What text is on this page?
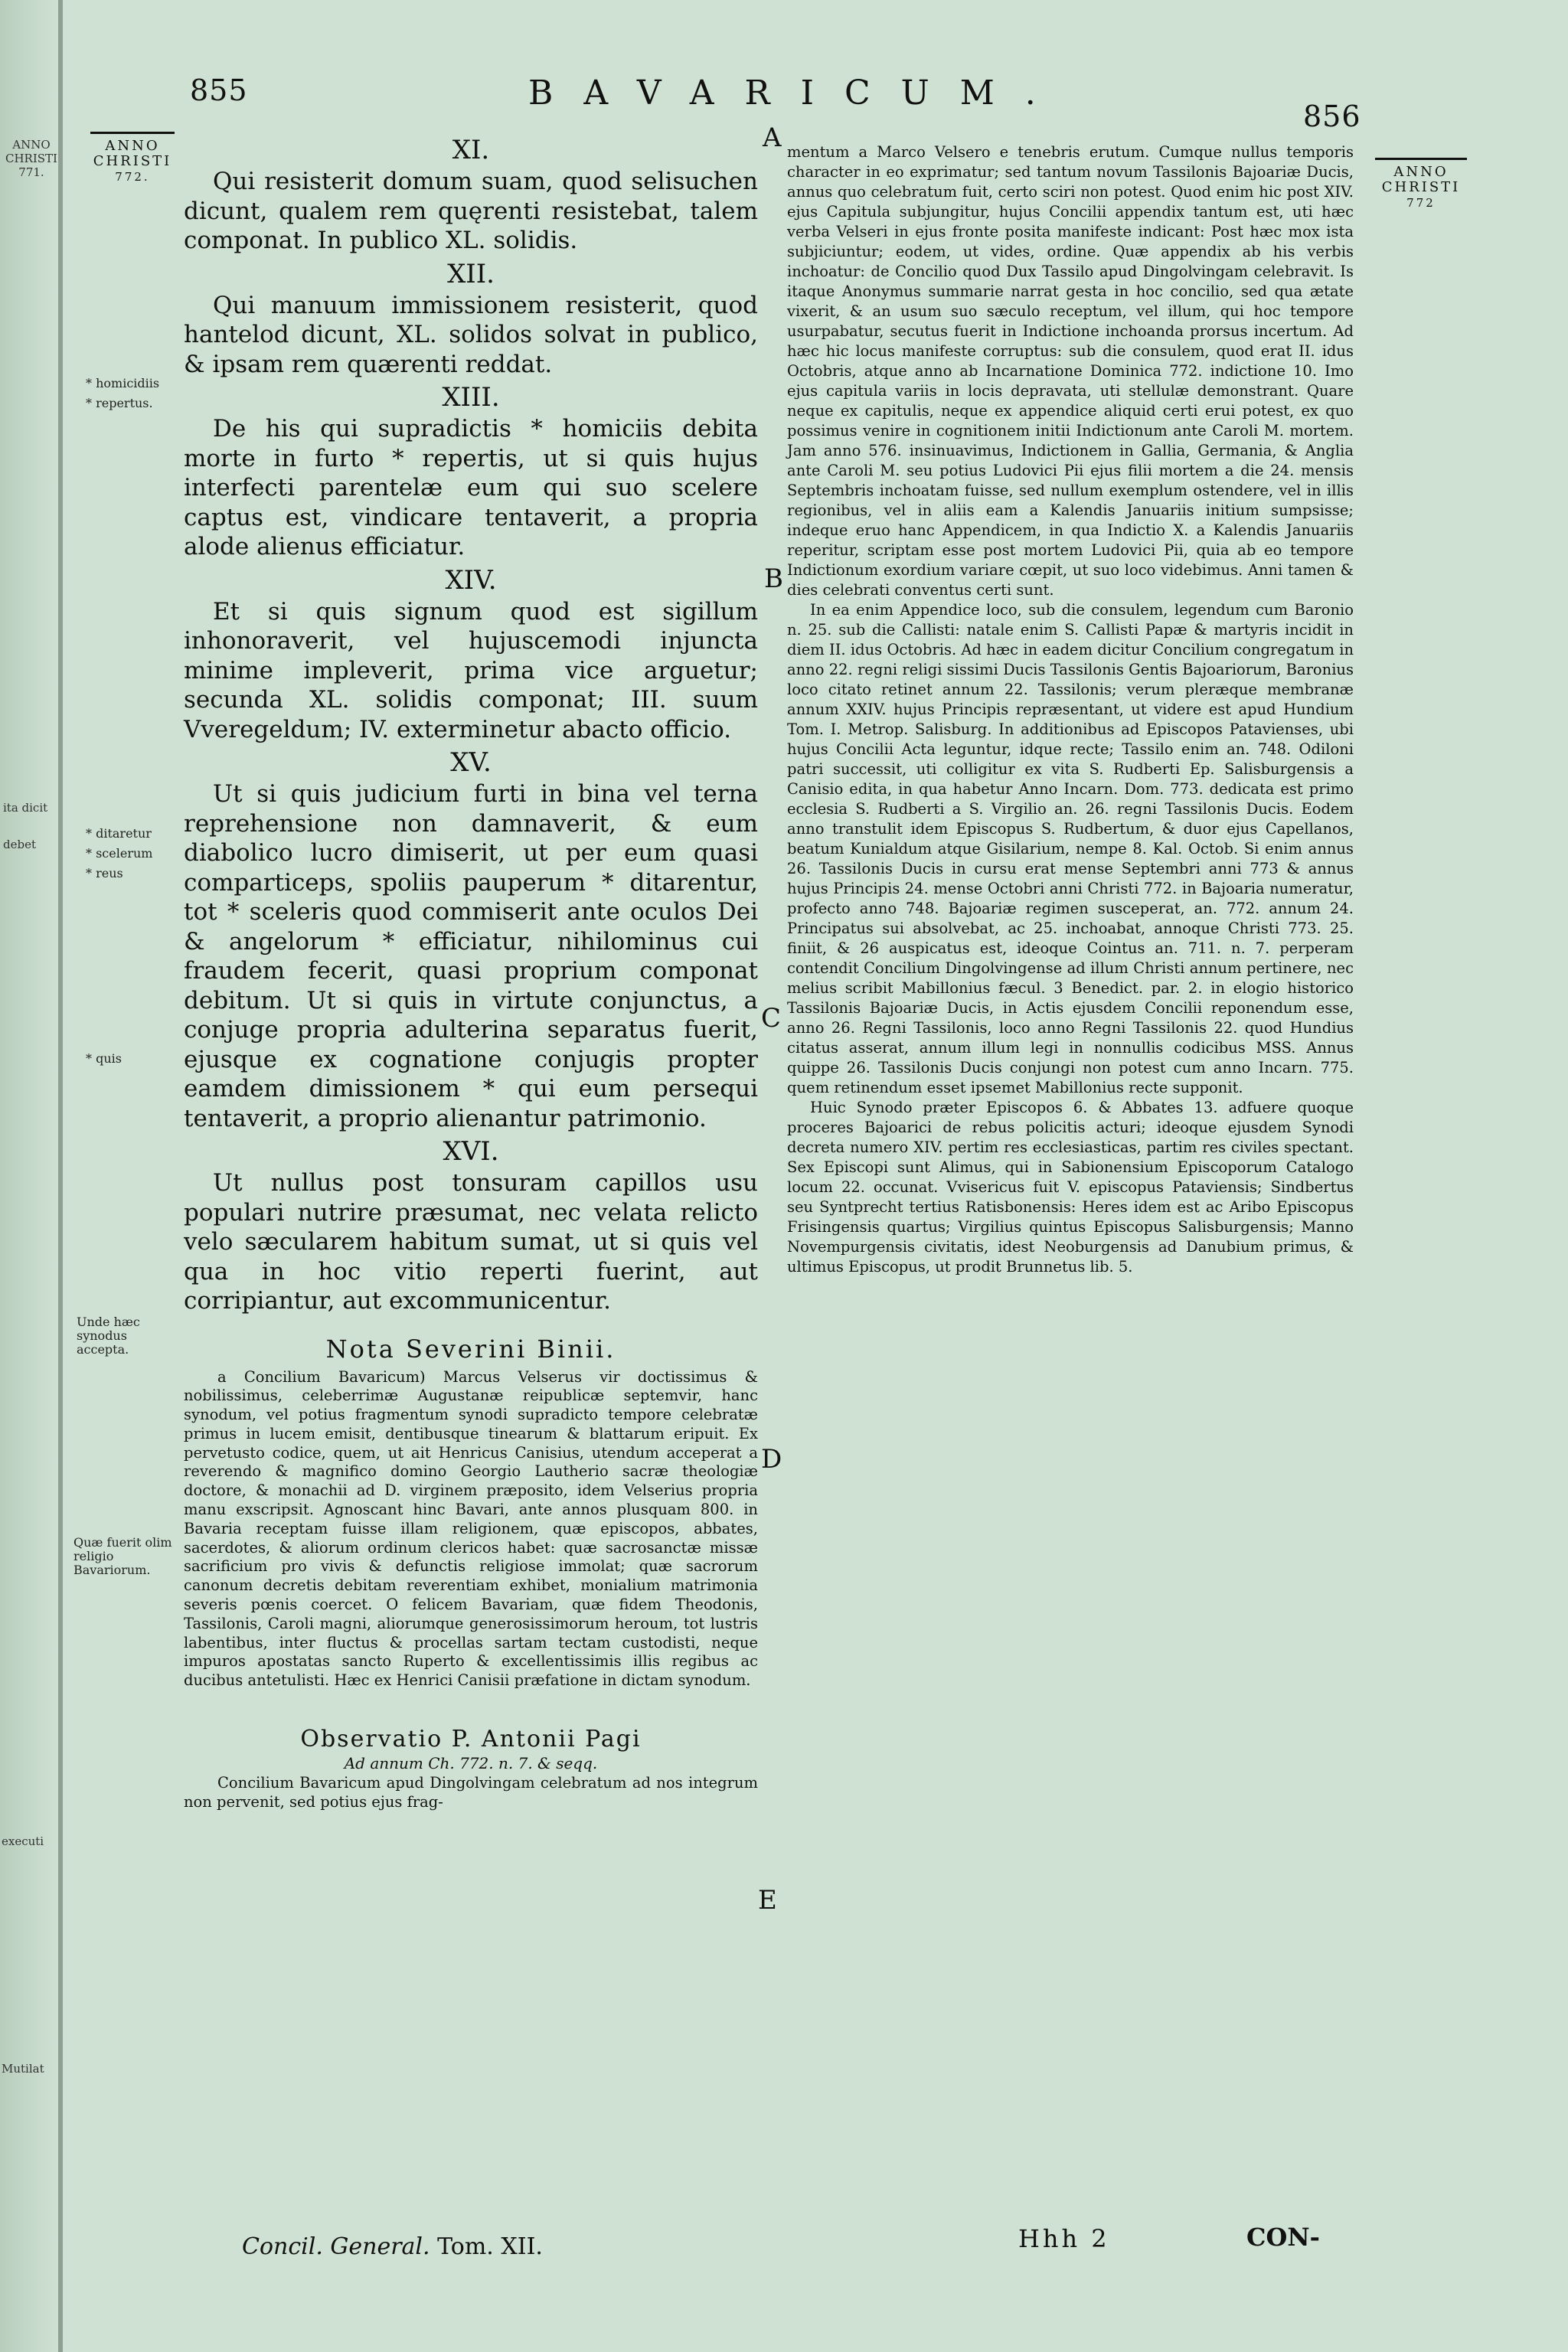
ANNO CHRISTI 771.
ita dicit
debet
executi
Mutilat
855	BAVARICUM.
856
ANNO
CHRISTI
772.	ANNO
CHRISTI
772
XI.

Qui resisterit domum suam, quod selisuchen dicunt, qualem rem quęrenti resistebat, talem componat. In publico XL. solidis.

XII.

Qui manuum immissionem resisterit, quod hantelod dicunt, XL. solidos solvat in publico, & ipsam rem quærenti reddat.

XIII.

De his qui supradictis * homiciis debita morte in furto * repertis, ut si quis hujus interfecti parentelæ eum qui suo scelere captus est, vindicare tentaverit, a propria alode alienus efficiatur.

XIV.

Et si quis signum quod est sigillum inhonoraverit, vel hujuscemodi injuncta minime impleverit, prima vice arguetur; secunda XL. solidis componat; III. suum Vveregeldum; IV. exterminetur abacto officio.

XV.

Ut si quis judicium furti in bina vel terna reprehensione non damnaverit, & eum diabolico lucro dimiserit, ut per eum quasi comparticeps, spoliis pauperum * ditarentur, tot * sceleris quod commiserit ante oculos Dei & angelorum * efficiatur, nihilominus cui fraudem fecerit, quasi proprium componat debitum. Ut si quis in virtute conjunctus, a conjuge propria adulterina separatus fuerit, ejusque ex cognatione conjugis propter eamdem dimissionem * qui eum persequi tentaverit, a proprio alienantur patrimonio.

XVI.

Ut nullus post tonsuram capillos usu populari nutrire præsumat, nec velata relicto velo sæcularem habitum sumat, ut si quis vel qua in hoc vitio reperti fuerint, aut corripiantur, aut excommunicentur.

Nota Severini Binii.

a Concilium Bavaricum) Marcus Velserus vir doctissimus & nobilissimus, celeberrimæ Augustanæ reipublicæ septemvir, hanc synodum, vel potius fragmentum synodi supradicto tempore celebratæ primus in lucem emisit, dentibusque tinearum & blattarum eripuit. Ex pervetusto codice, quem, ut ait Henricus Canisius, utendum acceperat a reverendo & magnifico domino Georgio Lautherio sacræ theologiæ doctore, & monachii ad D. virginem præposito, idem Velserius propria manu exscripsit. Agnoscant hinc Bavari, ante annos plusquam 800. in Bavaria receptam fuisse illam religionem, quæ episcopos, abbates, sacerdotes, & aliorum ordinum clericos habet: quæ sacrosanctæ missæ sacrificium pro vivis & defunctis religiose immolat; quæ sacrorum canonum decretis debitam reverentiam exhibet, monialium matrimonia severis pœnis coercet. O felicem Bavariam, quæ fidem Theodonis, Tassilonis, Caroli magni, aliorumque generosissimorum heroum, tot lustris labentibus, inter fluctus & procellas sartam tectam custodisti, neque impuros apostatas sancto Ruperto & excellentissimis illis regibus ac ducibus antetulisti. Hæc ex Henrici Canisii præfatione in dictam synodum.

Observatio P. Antonii Pagi
Ad annum Ch. 772. n. 7. & seqq.

Concilium Bavaricum apud Dingolvingam celebratum ad nos integrum non pervenit, sed potius ejus frag-

* homicidiis
* repertus.
* ditaretur
* scelerum
* reus
* quis
Unde hæc synodus accepta.
Quæ fuerit olim religio Bavariorum.

mentum a Marco Velsero e tenebris erutum. Cumque nullus temporis character in eo exprimatur; sed tantum novum Tassilonis Bajoariæ Ducis, annus quo celebratum fuit, certo sciri non potest. Quod enim hic post XIV. ejus Capitula subjungitur, hujus Concilii appendix tantum est, uti hæc verba Velseri in ejus fronte posita manifeste indicant: Post hæc mox ista subjiciuntur; eodem, ut vides, ordine. Quæ appendix ab his verbis inchoatur: de Concilio quod Dux Tassilo apud Dingolvingam celebravit. Is itaque Anonymus summarie narrat gesta in hoc concilio, sed qua ætate vixerit, & an usum suo sæculo receptum, vel illum, qui hoc tempore usurpabatur, secutus fuerit in Indictione inchoanda prorsus incertum. Ad hæc hic locus manifeste corruptus: sub die consulem, quod erat II. idus Octobris, atque anno ab Incarnatione Dominica 772. indictione 10. Imo ejus capitula variis in locis depravata, uti stellulæ demonstrant. Quare neque ex capitulis, neque ex appendice aliquid certi erui potest, ex quo possimus venire in cognitionem initii Indictionum ante Caroli M. mortem. Jam anno 576. insinuavimus, Indictionem in Gallia, Germania, & Anglia ante Caroli M. seu potius Ludovici Pii ejus filii mortem a die 24. mensis Septembris inchoatam fuisse, sed nullum exemplum ostendere, vel in illis regionibus, vel in aliis eam a Kalendis Januariis initium sumpsisse; indeque eruo hanc Appendicem, in qua Indictio X. a Kalendis Januariis reperitur, scriptam esse post mortem Ludovici Pii, quia ab eo tempore Indictionum exordium variare cœpit, ut suo loco videbimus. Anni tamen & dies celebrati conventus certi sunt.

In ea enim Appendice loco, sub die consulem, legendum cum Baronio n. 25. sub die Callisti: natale enim S. Callisti Papæ & martyris incidit in diem II. idus Octobris. Ad hæc in eadem dicitur Concilium congregatum in anno 22. regni religi sissimi Ducis Tassilonis Gentis Bajoariorum, Baronius loco citato retinet annum 22. Tassilonis; verum pleræque membranæ annum XXIV. hujus Principis repræsentant, ut videre est apud Hundium Tom. I. Metrop. Salisburg. In additionibus ad Episcopos Patavienses, ubi hujus Concilii Acta leguntur, idque recte; Tassilo enim an. 748. Odiloni patri successit, uti colligitur ex vita S. Rudberti Ep. Salisburgensis a Canisio edita, in qua habetur Anno Incarn. Dom. 773. dedicata est primo ecclesia S. Rudberti a S. Virgilio an. 26. regni Tassilonis Ducis. Eodem anno transtulit idem Episcopus S. Rudbertum, & duor ejus Capellanos, beatum Kunialdum atque Gisilarium, nempe 8. Kal. Octob. Si enim annus 26. Tassilonis Ducis in cursu erat mense Septembri anni 773 & annus hujus Principis 24. mense Octobri anni Christi 772. in Bajoaria numeratur, profecto anno 748. Bajoariæ regimen susceperat, an. 772. annum 24. Principatus sui absolvebat, ac 25. inchoabat, annoque Christi 773. 25. finiit, & 26 auspicatus est, ideoque Cointus an. 711. n. 7. perperam contendit Concilium Dingolvingense ad illum Christi annum pertinere, nec melius scribit Mabillonius fæcul. 3 Benedict. par. 2. in elogio historico Tassilonis Bajoariæ Ducis, in Actis ejusdem Concilii reponendum esse, anno 26. Regni Tassilonis, loco anno Regni Tassilonis 22. quod Hundius citatus asserat, annum illum legi in nonnullis codicibus MSS. Annus quippe 26. Tassilonis Ducis conjungi non potest cum anno Incarn. 775. quem retinendum esset ipsemet Mabillonius recte supponit.

Huic Synodo præter Episcopos 6. & Abbates 13. adfuere quoque proceres Bajoarici de rebus policitis acturi; ideoque ejusdem Synodi decreta numero XIV. pertim res ecclesiasticas, partim res civiles spectant. Sex Episcopi sunt Alimus, qui in Sabionensium Episcoporum Catalogo locum 22. occunat. Vvisericus fuit V. episcopus Pataviensis; Sindbertus seu Syntprecht tertius Ratisbonensis: Heres idem est ac Aribo Episcopus Frisingensis quartus; Virgilius quintus Episcopus Salisburgensis; Manno Novempurgensis civitatis, idest Neoburgensis ad Danubium primus, & ultimus Episcopus, ut prodit Brunnetus lib. 5.

A
B
C
D
E
Concil. General. Tom. XII.	Hhh 2	CON-
